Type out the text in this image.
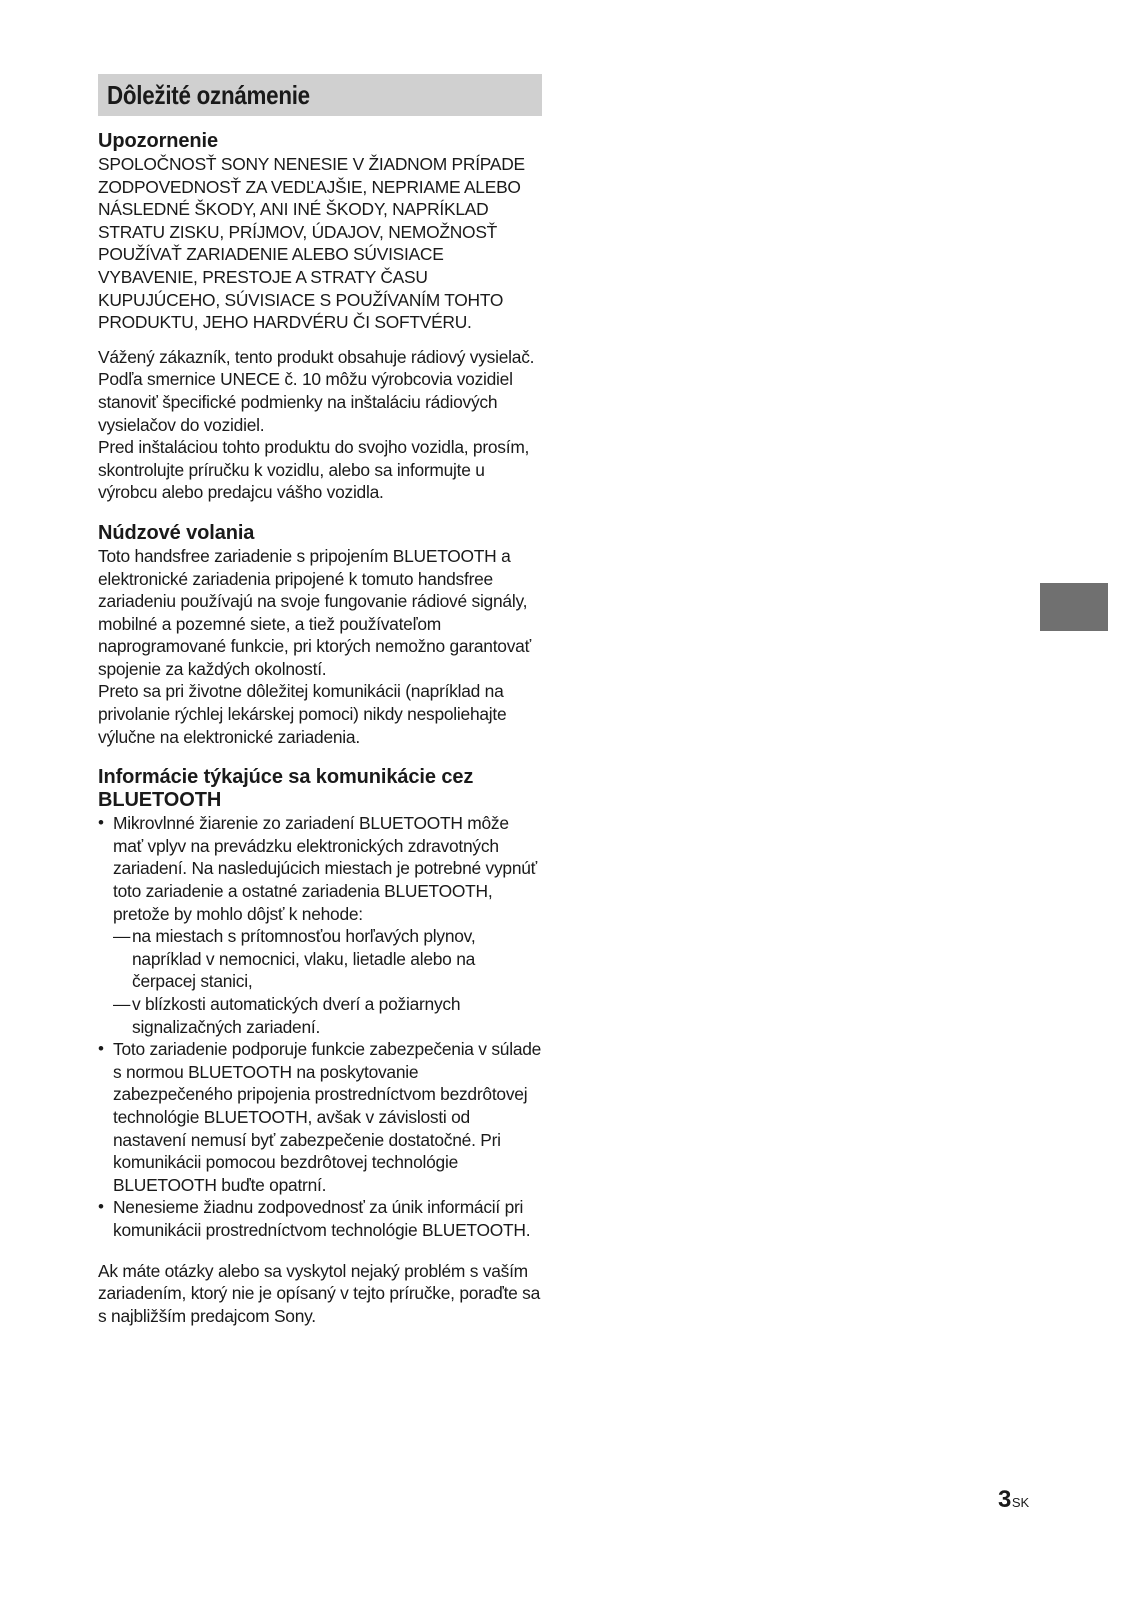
Dôležité oznámenie
Upozornenie

SPOLOČNOSŤ SONY NENESIE V ŽIADNOM PRÍPADE ZODPOVEDNOSŤ ZA VEDĽAJŠIE, NEPRIAME ALEBO NÁSLEDNÉ ŠKODY, ANI INÉ ŠKODY, NAPRÍKLAD STRATU ZISKU, PRÍJMOV, ÚDAJOV, NEMOŽNOSŤ POUŽÍVAŤ ZARIADENIE ALEBO SÚVISIACE VYBAVENIE, PRESTOJE A STRATY ČASU KUPUJÚCEHO, SÚVISIACE S POUŽÍVANÍM TOHTO PRODUKTU, JEHO HARDVÉRU ČI SOFTVÉRU.

Vážený zákazník, tento produkt obsahuje rádiový vysielač.

Podľa smernice UNECE č. 10 môžu výrobcovia vozidiel stanoviť špecifické podmienky na inštaláciu rádiových vysielačov do vozidiel.

Pred inštaláciou tohto produktu do svojho vozidla, prosím, skontrolujte príručku k vozidlu, alebo sa informujte u výrobcu alebo predajcu vášho vozidla.

Núdzové volania

Toto handsfree zariadenie s pripojením BLUETOOTH a elektronické zariadenia pripojené k tomuto handsfree zariadeniu používajú na svoje fungovanie rádiové signály, mobilné a pozemné siete, a tiež používateľom naprogramované funkcie, pri ktorých nemožno garantovať spojenie za každých okolností.

Preto sa pri životne dôležitej komunikácii (napríklad na privolanie rýchlej lekárskej pomoci) nikdy nespoliehajte výlučne na elektronické zariadenia.

Informácie týkajúce sa komunikácie cez
BLUETOOTH
• Mikrovlnné žiarenie zo zariadení BLUETOOTH môže mať vplyv na prevádzku elektronických zdravotných zariadení. Na nasledujúcich miestach je potrebné vypnúť toto zariadenie a ostatné zariadenia BLUETOOTH, pretože by mohlo dôjsť k nehode:
— na miestach s prítomnosťou horľavých plynov, napríklad v nemocnici, vlaku, lietadle alebo na čerpacej stanici,
— v blízkosti automatických dverí a požiarnych signalizačných zariadení.
• Toto zariadenie podporuje funkcie zabezpečenia v súlade s normou BLUETOOTH na poskytovanie zabezpečeného pripojenia prostredníctvom bezdrôtovej technológie BLUETOOTH, avšak v závislosti od nastavení nemusí byť zabezpečenie dostatočné. Pri komunikácii pomocou bezdrôtovej technológie BLUETOOTH buďte opatrní.
• Nenesieme žiadnu zodpovednosť za únik informácií pri komunikácii prostredníctvom technológie BLUETOOTH.

Ak máte otázky alebo sa vyskytol nejaký problém s vaším zariadením, ktorý nie je opísaný v tejto príručke, poraďte sa s najbližším predajcom Sony.

3SK
